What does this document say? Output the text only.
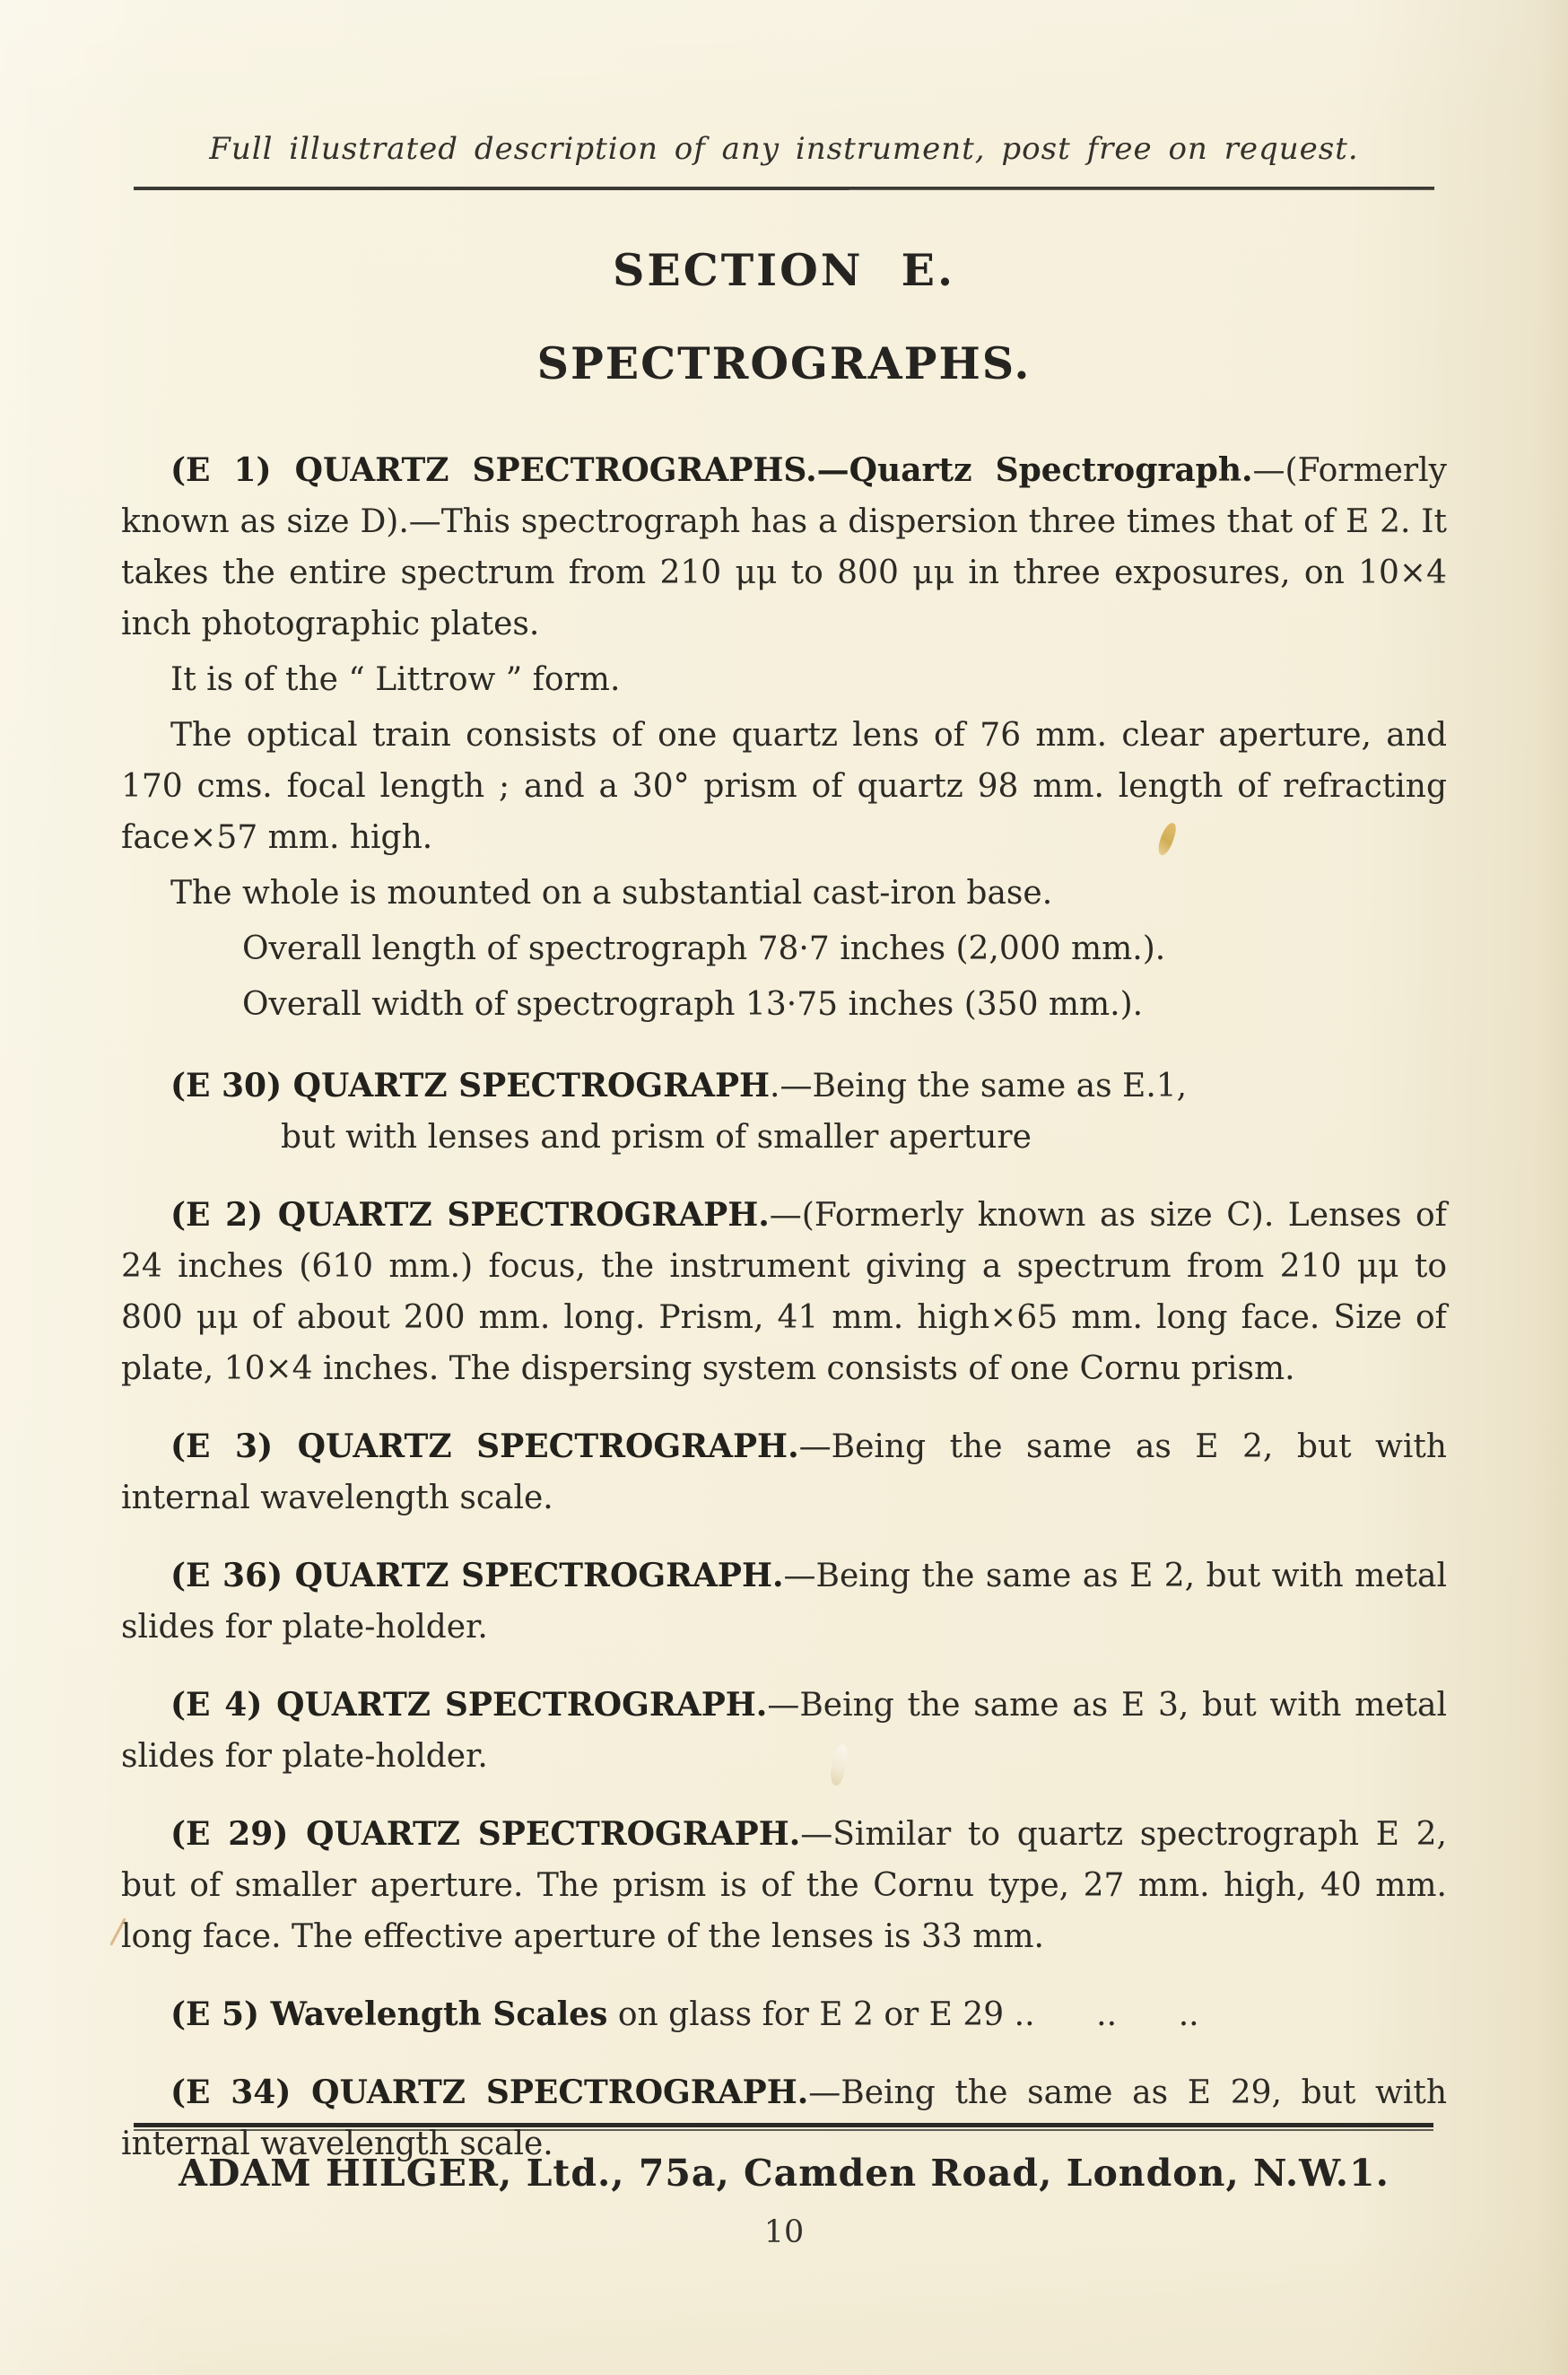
Full illustrated description of any instrument, post free on request.
SECTION E.
SPECTROGRAPHS.

(E 1) QUARTZ SPECTROGRAPHS.—Quartz Spectrograph.—(Formerly known as size D).—This spectrograph has a dispersion three times that of E 2. It takes the entire spectrum from 210 μμ to 800 μμ in three exposures, on 10×4 inch photographic plates.

It is of the “ Littrow ” form.

The optical train consists of one quartz lens of 76 mm. clear aperture, and 170 cms. focal length ; and a 30° prism of quartz 98 mm. length of refracting face×57 mm. high.

The whole is mounted on a substantial cast-iron base.

Overall length of spectrograph 78·7 inches (2,000 mm.).

Overall width of spectrograph 13·75 inches (350 mm.).

(E 30) QUARTZ SPECTROGRAPH.—Being the same as E.1,
but with lenses and prism of smaller aperture

(E 2) QUARTZ SPECTROGRAPH.—(Formerly known as size C). Lenses of 24 inches (610 mm.) focus, the instrument giving a spectrum from 210 μμ to 800 μμ of about 200 mm. long. Prism, 41 mm. high×65 mm. long face. Size of plate, 10×4 inches. The dispersing system consists of one Cornu prism.

(E 3) QUARTZ SPECTROGRAPH.—Being the same as E 2, but with internal wavelength scale.

(E 36) QUARTZ SPECTROGRAPH.—Being the same as E 2, but with metal slides for plate-holder.

(E 4) QUARTZ SPECTROGRAPH.—Being the same as E 3, but with metal slides for plate-holder.

(E 29) QUARTZ SPECTROGRAPH.—Similar to quartz spectrograph E 2, but of smaller aperture. The prism is of the Cornu type, 27 mm. high, 40 mm. long face. The effective aperture of the lenses is 33 mm.

(E 5) Wavelength Scales on glass for E 2 or E 29 ..      ..      ..

(E 34) QUARTZ SPECTROGRAPH.—Being the same as E 29, but with internal wavelength scale.

ADAM HILGER, Ltd., 75a, Camden Road, London, N.W.1.
10
